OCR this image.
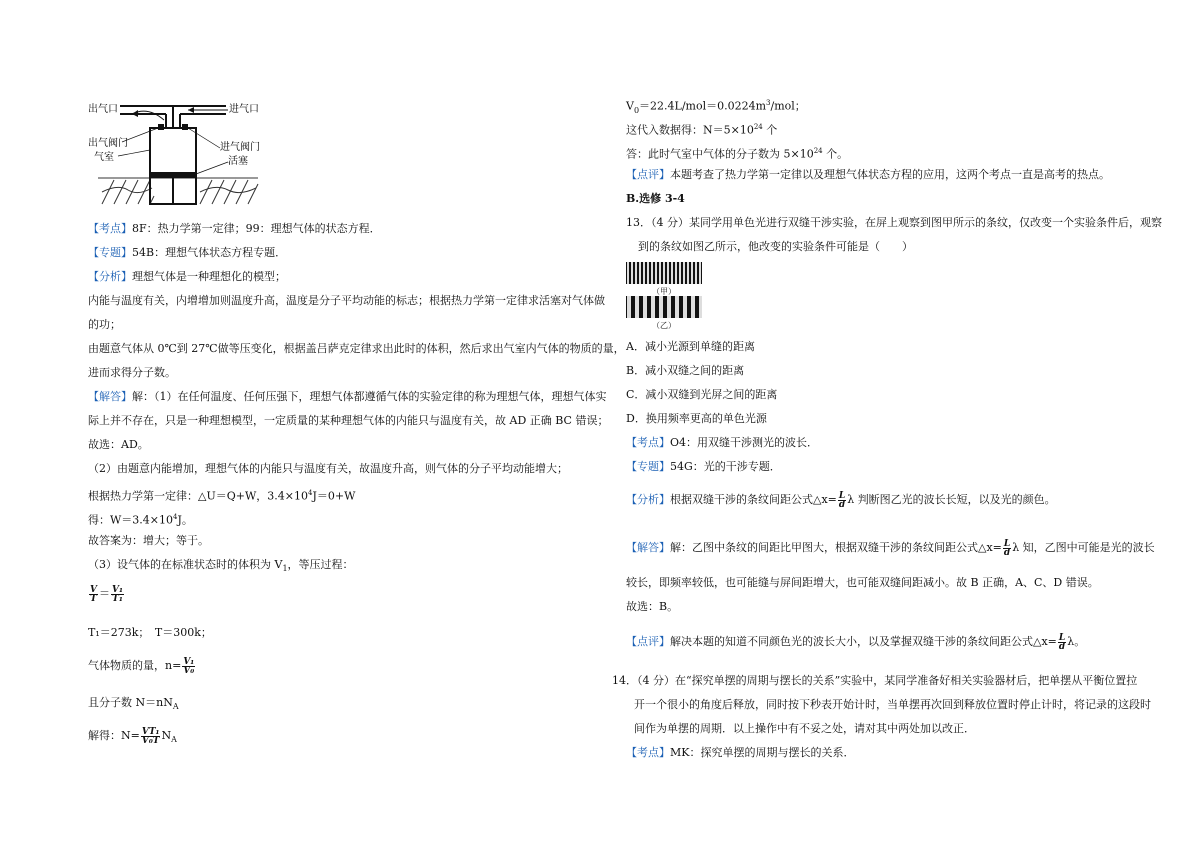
出气口	进气口
出气阀门
气室
进气阀门
活塞
【考点】8F：热力学第一定律；99：理想气体的状态方程．
【专题】54B：理想气体状态方程专题．
【分析】理想气体是一种理想化的模型；
内能与温度有关，内增增加则温度升高，温度是分子平均动能的标志；根据热力学第一定律求活塞对气体做
的功；
由题意气体从 0℃到 27℃做等压变化，根据盖吕萨克定律求出此时的体积，然后求出气室内气体的物质的量，
进而求得分子数。
【解答】解：（1）在任何温度、任何压强下，理想气体都遵循气体的实验定律的称为理想气体，理想气体实
际上并不存在，只是一种理想模型，一定质量的某种理想气体的内能只与温度有关，故 AD 正确 BC 错误；
故选：AD。
（2）由题意内能增加，理想气体的内能只与温度有关，故温度升高，则气体的分子平均动能增大；
根据热力学第一定律：△U＝Q+W，$3.4\times 10^4J=0+W$
得：$W=3.4\times 10^4J$。
故答案为：增大；等于。
（3）设气体的在标准状态时的体积为 $V_1$，等压过程：
$\frac{V}{T} = \frac{\text{V₁}}{\text{T₁}}$
T₁＝273k；　T＝300k；
气体物质的量，$n= \frac{\text{V₁}}{\text{V₀}}$
且分子数 $N=nN_A$
解得：$N= \frac{\text{VT₁}}{\text{V₀T}} N_A$
$V_0=22.4L/mol=0.0224m^3$/mol；
这代入数据得：$N=5\times 10^{24}$ 个
答：此时气室中气体的分子数为 $5\times 10^{24}$ 个。
【点评】本题考查了热力学第一定律以及理想气体状态方程的应用，这两个考点一直是高考的热点。
B.选修 3-4
13．（4 分）某同学用单色光进行双缝干涉实验，在屏上观察到图甲所示的条纹，仅改变一个实验条件后，观察
到的条纹如图乙所示，他改变的实验条件可能是（　　）
（甲）
（乙）
A．减小光源到单缝的距离
B．减小双缝之间的距离
C．减小双缝到光屏之间的距离
D．换用频率更高的单色光源
【考点】O4：用双缝干涉测光的波长．
【专题】54G：光的干涉专题．
【分析】根据双缝干涉的条纹间距公式△x= $\frac{L}{d}$ λ 判断图乙光的波长长短，以及光的颜色。
【解答】解：乙图中条纹的间距比甲图大，根据双缝干涉的条纹间距公式△x= $\frac{L}{d}$ λ 知，乙图中可能是光的波长
较长，即频率较低，也可能缝与屏间距增大，也可能双缝间距减小。故 B 正确，A、C、D 错误。
故选：B。
【点评】解决本题的知道不同颜色光的波长大小，以及掌握双缝干涉的条纹间距公式△x= $\frac{L}{d}$ λ。
14．（4 分）在“探究单摆的周期与摆长的关系”实验中，某同学准备好相关实验器材后，把单摆从平衡位置拉
开一个很小的角度后释放，同时按下秒表开始计时，当单摆再次回到释放位置时停止计时，将记录的这段时
间作为单摆的周期．以上操作中有不妥之处，请对其中两处加以改正．
【考点】MK：探究单摆的周期与摆长的关系．
